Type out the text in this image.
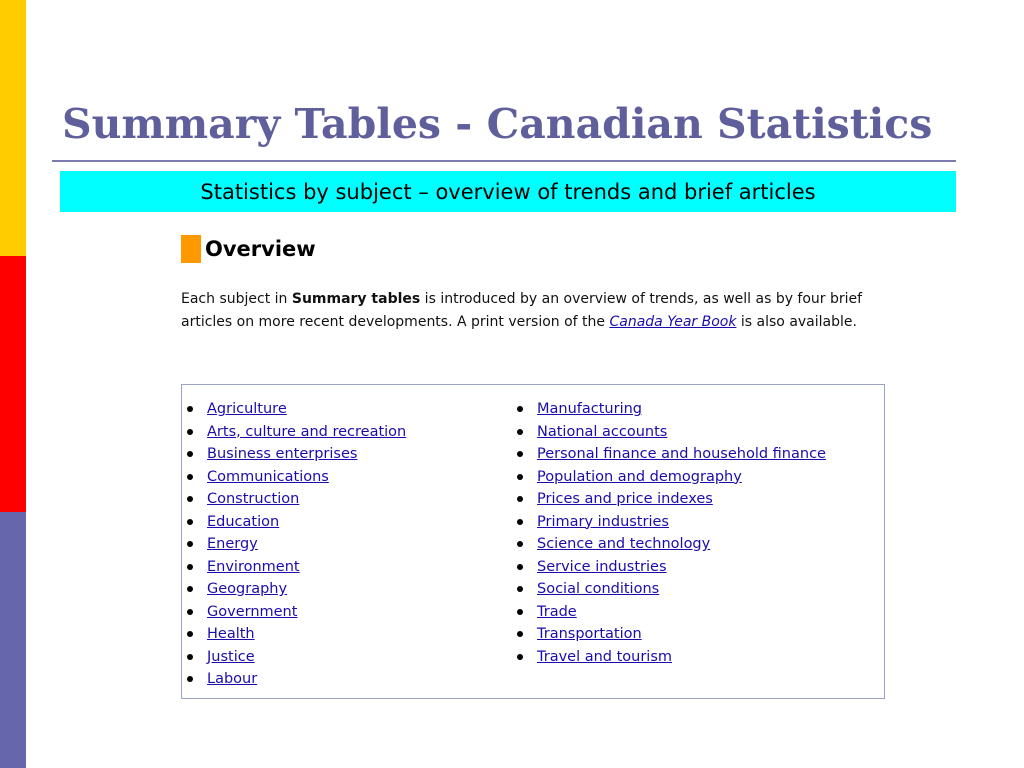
Summary Tables - Canadian Statistics
Statistics by subject – overview of trends and brief articles
Overview
Each subject in Summary tables is introduced by an overview of trends, as well as by four brief articles on more recent developments. A print version of the Canada Year Book is also available.
Agriculture
Arts, culture and recreation
Business enterprises
Communications
Construction
Education
Energy
Environment
Geography
Government
Health
Justice
Labour
Manufacturing
National accounts
Personal finance and household finance
Population and demography
Prices and price indexes
Primary industries
Science and technology
Service industries
Social conditions
Trade
Transportation
Travel and tourism
